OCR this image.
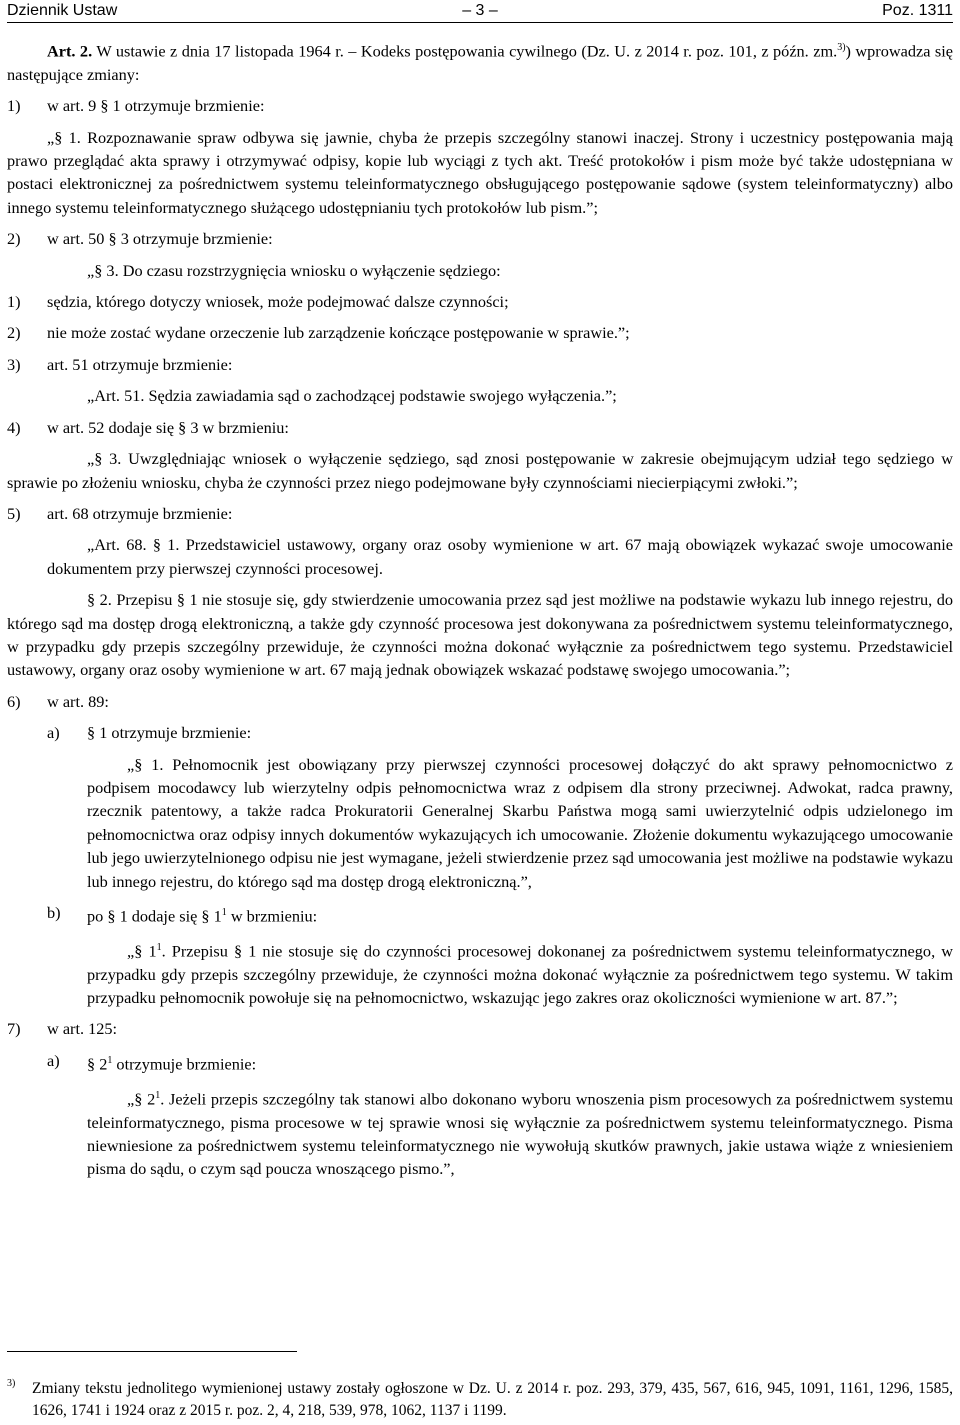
Dziennik Ustaw	– 3 –	Poz. 1311

Art. 2. W ustawie z dnia 17 listopada 1964 r. – Kodeks postępowania cywilnego (Dz. U. z 2014 r. poz. 101, z późn. zm.$^{3)}$) wprowadza się następujące zmiany:

1) w art. 9 § 1 otrzymuje brzmienie:

„§ 1. Rozpoznawanie spraw odbywa się jawnie, chyba że przepis szczególny stanowi inaczej. Strony i uczestnicy postępowania mają prawo przeglądać akta sprawy i otrzymywać odpisy, kopie lub wyciągi z tych akt. Treść protokołów i pism może być także udostępniana w postaci elektronicznej za pośrednictwem systemu teleinformatycznego obsługującego postępowanie sądowe (system teleinformatyczny) albo innego systemu teleinformatycznego służącego udostępnianiu tych protokołów lub pism.”;

2) w art. 50 § 3 otrzymuje brzmienie:

„§ 3. Do czasu rozstrzygnięcia wniosku o wyłączenie sędziego:

1) sędzia, którego dotyczy wniosek, może podejmować dalsze czynności;
2) nie może zostać wydane orzeczenie lub zarządzenie kończące postępowanie w sprawie.”;
3) art. 51 otrzymuje brzmienie:

„Art. 51. Sędzia zawiadamia sąd o zachodzącej podstawie swojego wyłączenia.”;

4) w art. 52 dodaje się § 3 w brzmieniu:

„§ 3. Uwzględniając wniosek o wyłączenie sędziego, sąd znosi postępowanie w zakresie obejmującym udział tego sędziego w sprawie po złożeniu wniosku, chyba że czynności przez niego podejmowane były czynnościami niecierpiącymi zwłoki.”;

5) art. 68 otrzymuje brzmienie:

„Art. 68. § 1. Przedstawiciel ustawowy, organy oraz osoby wymienione w art. 67 mają obowiązek wykazać swoje umocowanie dokumentem przy pierwszej czynności procesowej.

§ 2. Przepisu § 1 nie stosuje się, gdy stwierdzenie umocowania przez sąd jest możliwe na podstawie wykazu lub innego rejestru, do którego sąd ma dostęp drogą elektroniczną, a także gdy czynność procesowa jest dokonywana za pośrednictwem systemu teleinformatycznego, w przypadku gdy przepis szczególny przewiduje, że czynności można dokonać wyłącznie za pośrednictwem tego systemu. Przedstawiciel ustawowy, organy oraz osoby wymienione w art. 67 mają jednak obowiązek wskazać podstawę swojego umocowania.”;

6) w art. 89:
a) § 1 otrzymuje brzmienie:

„§ 1. Pełnomocnik jest obowiązany przy pierwszej czynności procesowej dołączyć do akt sprawy pełnomocnictwo z podpisem mocodawcy lub wierzytelny odpis pełnomocnictwa wraz z odpisem dla strony przeciwnej. Adwokat, radca prawny, rzecznik patentowy, a także radca Prokuratorii Generalnej Skarbu Państwa mogą sami uwierzytelnić odpis udzielonego im pełnomocnictwa oraz odpisy innych dokumentów wykazujących ich umocowanie. Złożenie dokumentu wykazującego umocowanie lub jego uwierzytelnionego odpisu nie jest wymagane, jeżeli stwierdzenie przez sąd umocowania jest możliwe na podstawie wykazu lub innego rejestru, do którego sąd ma dostęp drogą elektroniczną.”,

b) po § 1 dodaje się § $1^1$ w brzmieniu:

„§ $1^1$. Przepisu § 1 nie stosuje się do czynności procesowej dokonanej za pośrednictwem systemu teleinformatycznego, w przypadku gdy przepis szczególny przewiduje, że czynności można dokonać wyłącznie za pośrednictwem tego systemu. W takim przypadku pełnomocnik powołuje się na pełnomocnictwo, wskazując jego zakres oraz okoliczności wymienione w art. 87.”;

7) w art. 125:
a) § $2^1$ otrzymuje brzmienie:

„§ $2^1$. Jeżeli przepis szczególny tak stanowi albo dokonano wyboru wnoszenia pism procesowych za pośrednictwem systemu teleinformatycznego, pisma procesowe w tej sprawie wnosi się wyłącznie za pośrednictwem systemu teleinformatycznego. Pisma niewniesione za pośrednictwem systemu teleinformatycznego nie wywołują skutków prawnych, jakie ustawa wiąże z wniesieniem pisma do sądu, o czym sąd poucza wnoszącego pismo.”,

3) Zmiany tekstu jednolitego wymienionej ustawy zostały ogłoszone w Dz. U. z 2014 r. poz. 293, 379, 435, 567, 616, 945, 1091, 1161, 1296, 1585, 1626, 1741 i 1924 oraz z 2015 r. poz. 2, 4, 218, 539, 978, 1062, 1137 i 1199.
